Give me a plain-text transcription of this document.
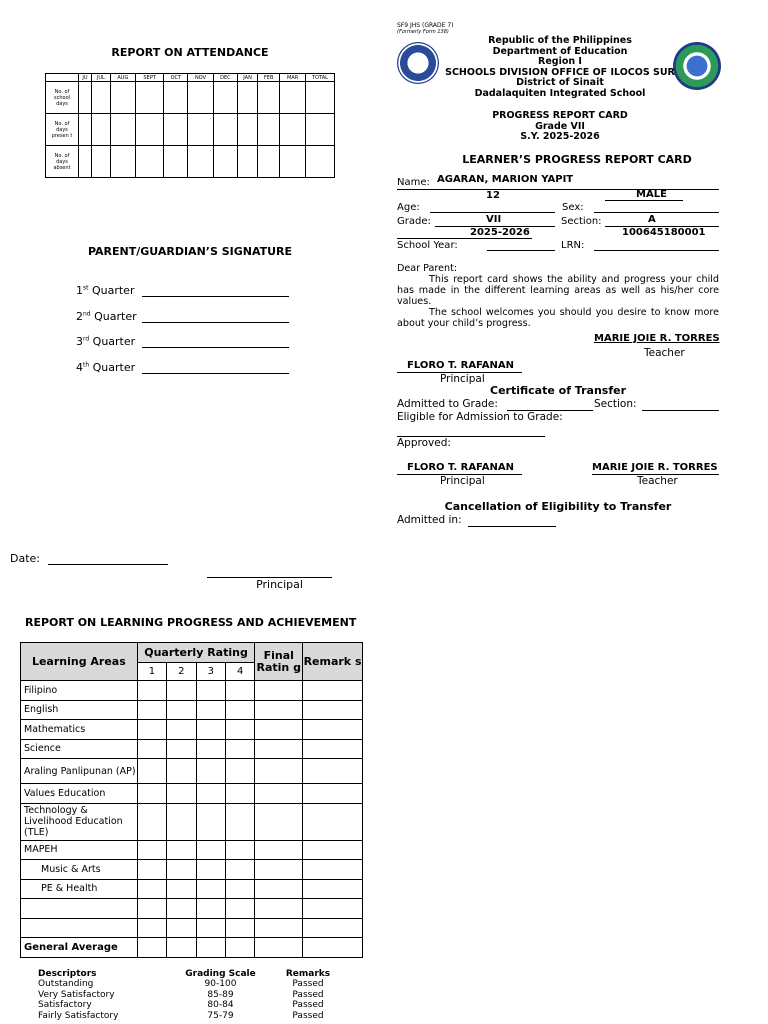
REPORT ON ATTENDANCE
	JU	JUL	AUG	SEPT	OCT	NOV	DEC	JAN	FEB	MAR	TOTAL
No. of school days											
No. of days presen t											
No. of days absent											
PARENT/GUARDIAN’S SIGNATURE
1st Quarter
2nd Quarter
3rd Quarter
4th Quarter
Date:
Principal
REPORT ON LEARNING PROGRESS AND ACHIEVEMENT
Learning Areas	Quarterly Rating				Final Ratin g	Remark s
	1	2	3	4		
Filipino						
English						
Mathematics						
Science						
Araling Panlipunan (AP)						
Values Education						
Technology & Livelihood Education (TLE)						
MAPEH						
Music & Arts						
PE & Health						

General Average						
Descriptors	Grading Scale	Remarks
Outstanding	90-100	Passed
Very Satisfactory	85-89	Passed
Satisfactory	80-84	Passed
Fairly Satisfactory	75-79	Passed
SF9 JHS (GRADE 7)
(Formerly Form 138)
Republic of the Philippines
Department of Education
Region I
SCHOOLS DIVISION OFFICE OF ILOCOS SUR
District of Sinait
Dadalaquiten Integrated School
PROGRESS REPORT CARD
Grade VII
S.Y. 2025-2026
LEARNER’S PROGRESS REPORT CARD
Name: AGARAN, MARION YAPIT
12	MALE
Age:	Sex:
VII	A
Grade:	Section:
2025-2026	100645180001
School Year:	LRN:
Dear Parent:
This report card shows the ability and progress your child has made in the different learning areas as well as his/her core values.
The school welcomes you should you desire to know more about your child’s progress.
MARIE JOIE R. TORRES
Teacher
FLORO T. RAFANAN
Principal
Certificate of Transfer
Admitted to Grade:	Section:
Eligible for Admission to Grade:
Approved:
FLORO T. RAFANAN
Principal
MARIE JOIE R. TORRES
Teacher
Cancellation of Eligibility to Transfer
Admitted in:
